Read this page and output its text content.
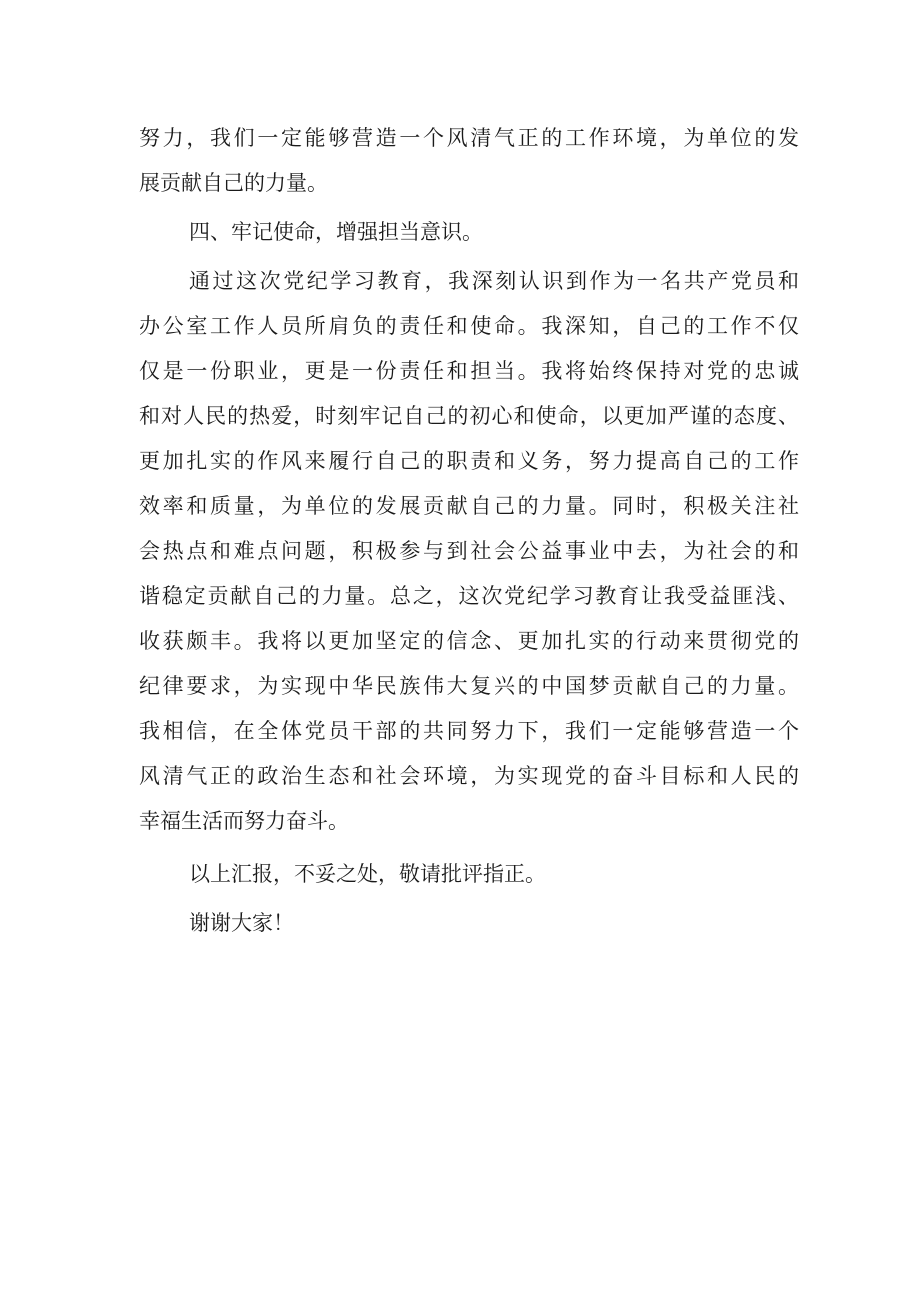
努力，我们一定能够营造一个风清气正的工作环境，为单位的发
展贡献自己的力量。
四、牢记使命，增强担当意识。
通过这次党纪学习教育，我深刻认识到作为一名共产党员和
办公室工作人员所肩负的责任和使命。我深知，自己的工作不仅
仅是一份职业，更是一份责任和担当。我将始终保持对党的忠诚
和对人民的热爱，时刻牢记自己的初心和使命，以更加严谨的态度、
更加扎实的作风来履行自己的职责和义务，努力提高自己的工作
效率和质量，为单位的发展贡献自己的力量。同时，积极关注社
会热点和难点问题，积极参与到社会公益事业中去，为社会的和
谐稳定贡献自己的力量。总之，这次党纪学习教育让我受益匪浅、
收获颇丰。我将以更加坚定的信念、更加扎实的行动来贯彻党的
纪律要求，为实现中华民族伟大复兴的中国梦贡献自己的力量。
我相信，在全体党员干部的共同努力下，我们一定能够营造一个
风清气正的政治生态和社会环境，为实现党的奋斗目标和人民的
幸福生活而努力奋斗。
以上汇报，不妥之处，敬请批评指正。
谢谢大家！
